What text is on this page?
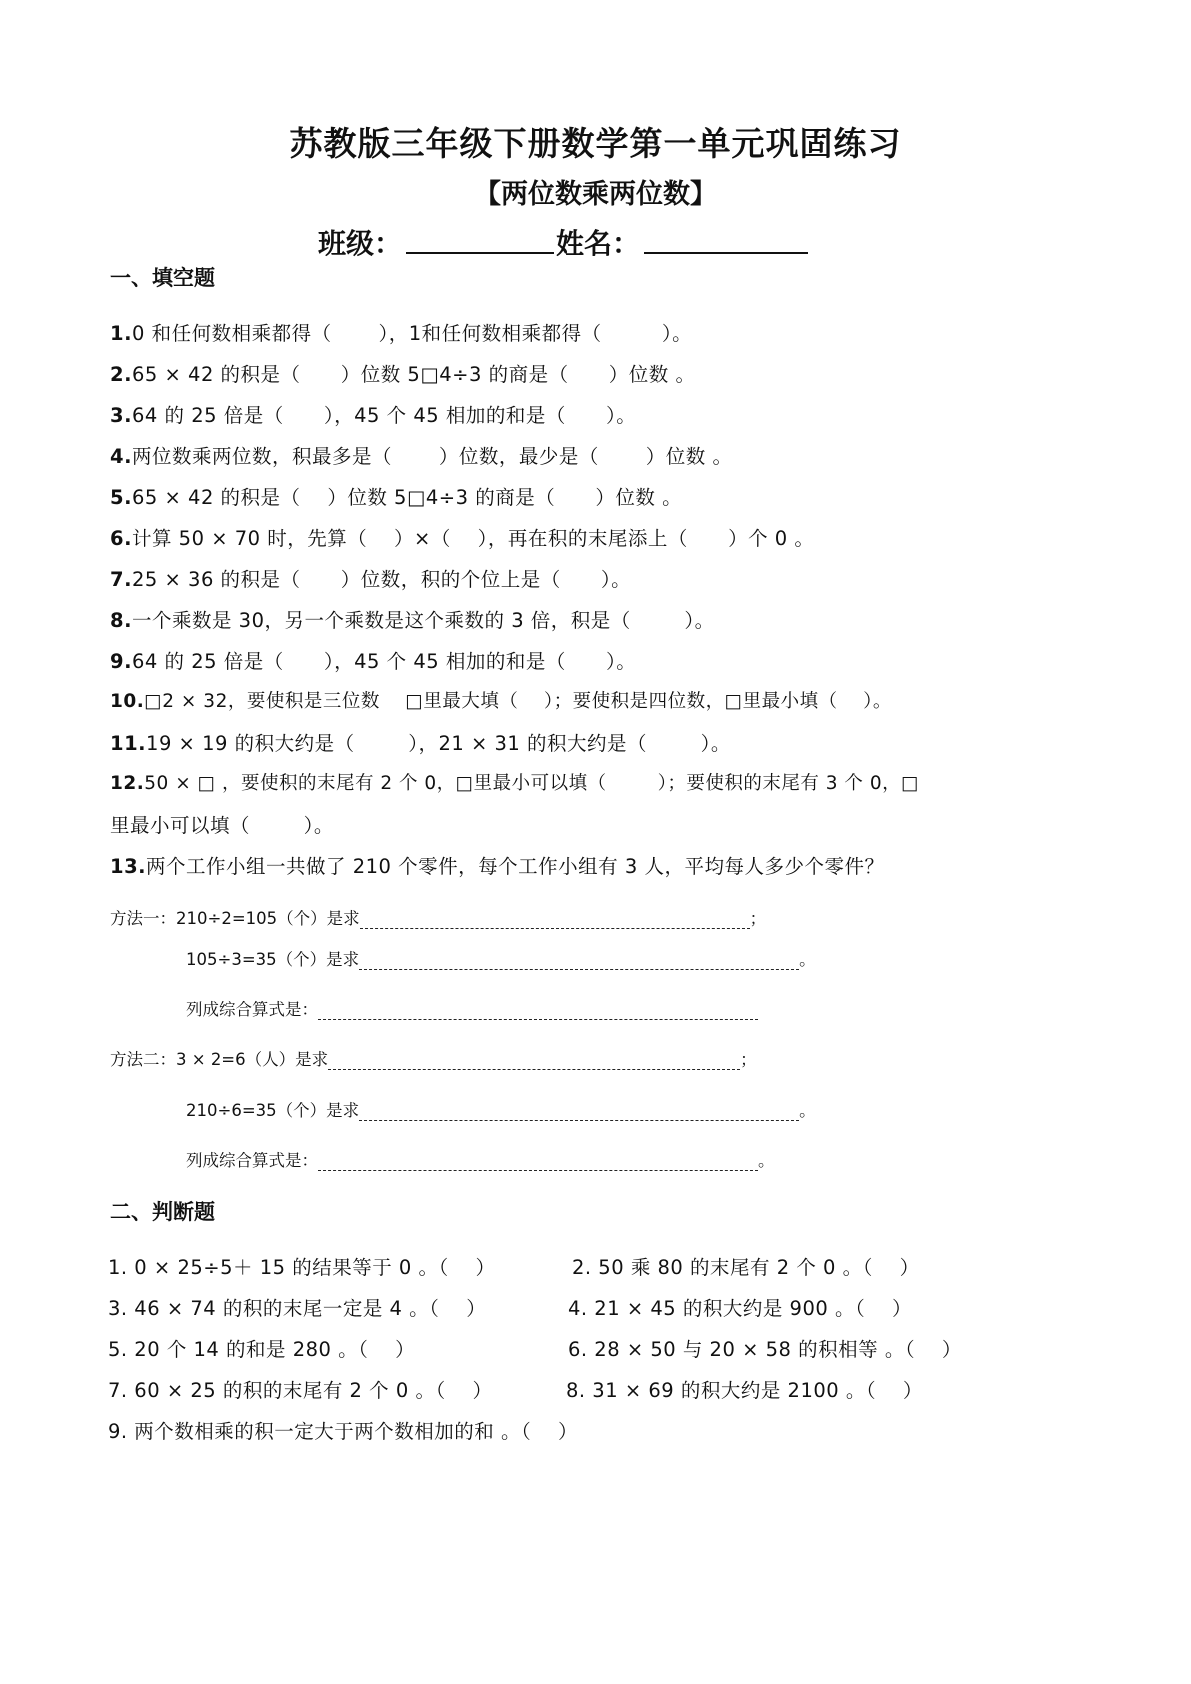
苏教版三年级下册数学第一单元巩固练习
【两位数乘两位数】
班级：	姓名：
一、填空题
1.0 和任何数相乘都得（       ），1和任何数相乘都得（         ）。
2.65 × 42 的积是（      ）位数 5□4÷3 的商是（      ）位数 。
3.64 的 25 倍是（      ），45 个 45 相加的和是（      ）。
4.两位数乘两位数，积最多是（       ）位数，最少是（       ）位数 。
5.65 × 42 的积是（    ）位数 5□4÷3 的商是（      ）位数 。
6.计算 50 × 70 时，先算（    ）×（    ），再在积的末尾添上（      ）个 0 。
7.25 × 36 的积是（      ）位数，积的个位上是（      ）。
8.一个乘数是 30，另一个乘数是这个乘数的 3 倍，积是（        ）。
9.64 的 25 倍是（      ），45 个 45 相加的和是（      ）。
10.□2 × 32，要使积是三位数    □里最大填（    ）；要使积是四位数，□里最小填（    ）。
11.19 × 19 的积大约是（        ），21 × 31 的积大约是（        ）。
12.50 × □ ，要使积的末尾有 2 个 0，□里最小可以填（        ）；要使积的末尾有 3 个 0，□
里最小可以填（        ）。
13.两个工作小组一共做了 210 个零件，每个工作小组有 3 人，平均每人多少个零件？
方法一：210÷2=105（个）是求	；
105÷3=35（个）是求	。
列成综合算式是：
方法二：3 × 2=6（人）是求	；
210÷6=35（个）是求	。
列成综合算式是：	。
二、判断题
1. 0 × 25÷5＋ 15 的结果等于 0 。（    ）	2. 50 乘 80 的末尾有 2 个 0 。（    ）
3. 46 × 74 的积的末尾一定是 4 。（    ）	4. 21 × 45 的积大约是 900 。（    ）
5. 20 个 14 的和是 280 。（    ）	6. 28 × 50 与 20 × 58 的积相等 。（    ）
7. 60 × 25 的积的末尾有 2 个 0 。（    ）	8. 31 × 69 的积大约是 2100 。（    ）
9. 两个数相乘的积一定大于两个数相加的和 。（    ）
